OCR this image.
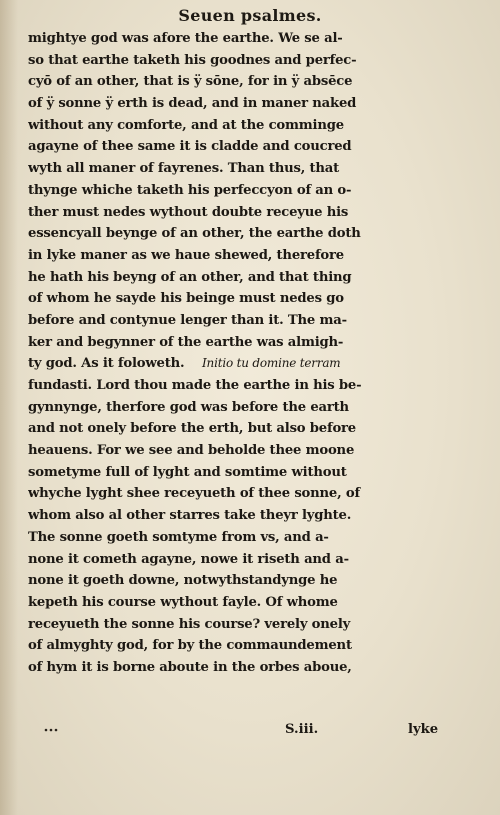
Seuen psalmes.
mightye god was afore the earthe. We se al-
so that earthe taketh his goodnes and perfec-
cyō of an other, that is ÿ sōne, for in ÿ absēce
of ÿ sonne ÿ erth is dead, and in maner naked
without any comforte, and at the comminge
agayne of thee same it is cladde and coucred
wyth all maner of fayrenes. Than thus, that
thynge whiche taketh his perfeccyon of an o-
ther must nedes wythout doubte receyue his
essencyall beynge of an other, the earthe doth
in lyke maner as we haue shewed, therefore
he hath his beyng of an other, and that thing
of whom he sayde his beinge must nedes go
before and contynue lenger than it. The ma-
ker and begynner of the earthe was almigh-
ty god. As it foloweth. Initio tu domine terram
fundasti. Lord thou made the earthe in his be-
gynnynge, therfore god was before the earth
and not onely before the erth, but also before
heauens. For we see and beholde thee moone
sometyme full of lyght and somtime without
whyche lyght shee receyueth of thee sonne, of
whom also al other starres take theyr lyghte.
The sonne goeth somtyme from vs, and a-
none it cometh agayne, nowe it riseth and a-
none it goeth downe, notwythstandynge he
kepeth his course wythout fayle. Of whome
receyueth the sonne his course? verely onely
of almyghty god, for by the commaundement
of hym it is borne aboute in the orbes aboue,
S.iii.	lyke
